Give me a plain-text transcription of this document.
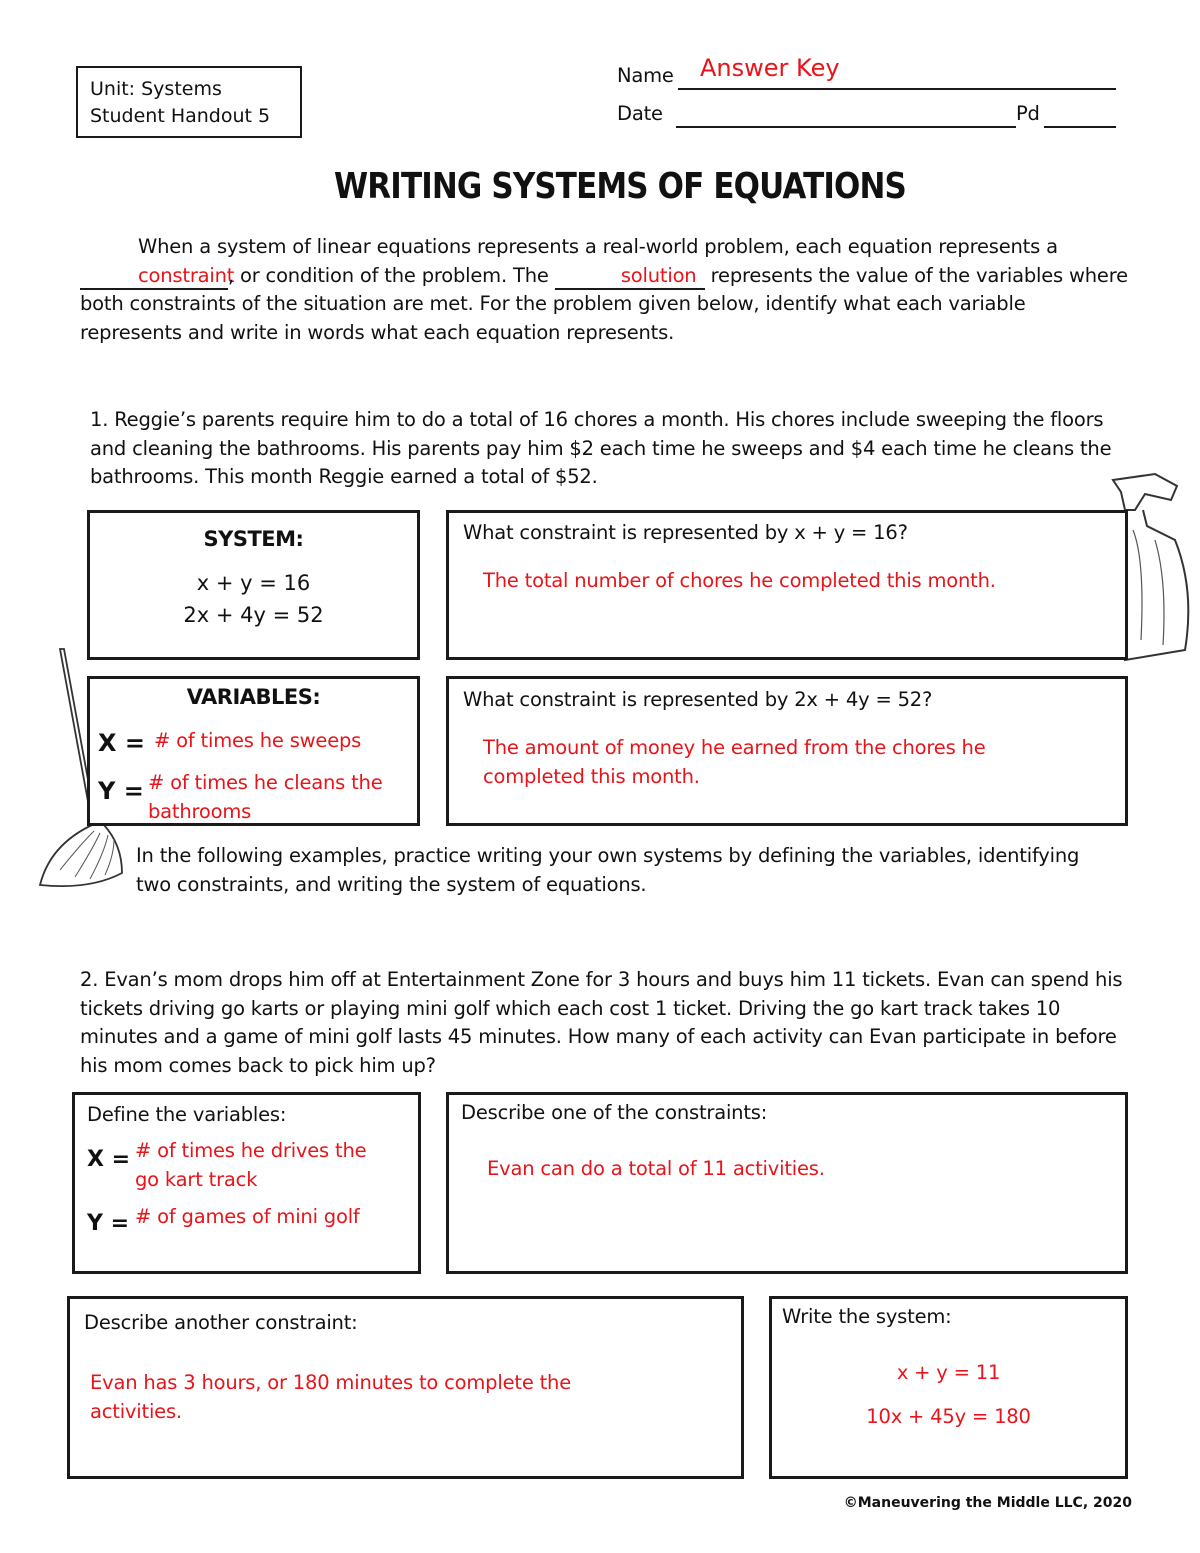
Unit: Systems
Student Handout 5
Name Answer Key
Date	Pd
WRITING SYSTEMS OF EQUATIONS
When a system of linear equations represents a real-world problem, each equation represents a constraint, or condition of the problem. The	solution represents the value of the variables where both constraints of the situation are met. For the problem given below, identify what each variable represents and write in words what each equation represents.
1. Reggie’s parents require him to do a total of 16 chores a month. His chores include sweeping the floors and cleaning the bathrooms. His parents pay him $2 each time he sweeps and $4 each time he cleans the bathrooms. This month Reggie earned a total of $52.
SYSTEM:
x + y = 16
2x + 4y = 52
What constraint is represented by x + y = 16?
The total number of chores he completed this month.
VARIABLES:
X = # of times he sweeps
Y = # of times he cleans the bathrooms
What constraint is represented by 2x + 4y = 52?
The amount of money he earned from the chores he completed this month.
In the following examples, practice writing your own systems by defining the variables, identifying two constraints, and writing the system of equations.
2. Evan’s mom drops him off at Entertainment Zone for 3 hours and buys him 11 tickets. Evan can spend his tickets driving go karts or playing mini golf which each cost 1 ticket. Driving the go kart track takes 10 minutes and a game of mini golf lasts 45 minutes. How many of each activity can Evan participate in before his mom comes back to pick him up?
Define the variables:
X = # of times he drives the go kart track
Y = # of games of mini golf
Describe one of the constraints:
Evan can do a total of 11 activities.
Describe another constraint:
Evan has 3 hours, or 180 minutes to complete the activities.
Write the system:
x + y = 11
10x + 45y = 180
©Maneuvering the Middle LLC, 2020
